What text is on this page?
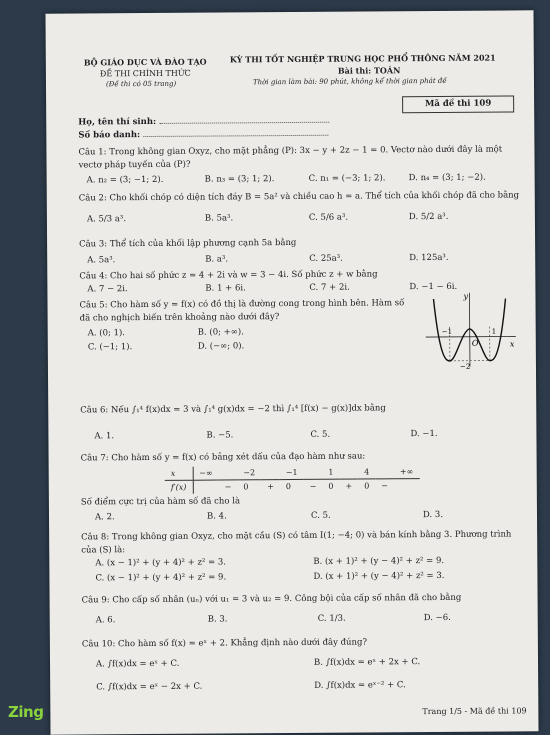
BỘ GIÁO DỤC VÀ ĐÀO TẠO
ĐỀ THI CHÍNH THỨC
(Đề thi có 05 trang)
KỲ THI TỐT NGHIỆP TRUNG HỌC PHỔ THÔNG NĂM 2021
Bài thi: TOÁN
Thời gian làm bài: 90 phút, không kể thời gian phát đề
Mã đề thi 109
Họ, tên thí sinh:
Số báo danh:
Câu 1: Trong không gian Oxyz, cho mặt phẳng (P): 3x − y + 2z − 1 = 0. Vectơ nào dưới đây là một
vectơ pháp tuyến của (P)?
A. n₂ = (3; −1; 2).	B. n₃ = (3; 1; 2).	C. n₁ = (−3; 1; 2).	D. n₄ = (3; 1; −2).
Câu 2: Cho khối chóp có diện tích đáy B = 5a² và chiều cao h = a. Thể tích của khối chóp đã cho bằng
A. 5/3 a³.	B. 5a³.	C. 5/6 a³.	D. 5/2 a³.
Câu 3: Thể tích của khối lập phương cạnh 5a bằng
A. 5a³.	B. a³.	C. 25a³.	D. 125a³.
Câu 4: Cho hai số phức z = 4 + 2i và w = 3 − 4i. Số phức z + w bằng
A. 7 − 2i.	B. 1 + 6i.	C. 7 + 2i.	D. −1 − 6i.
Câu 5: Cho hàm số y = f(x) có đồ thị là đường cong trong hình bên. Hàm số
đã cho nghịch biến trên khoảng nào dưới đây?
A. (0; 1).	B. (0; +∞).
C. (−1; 1).	D. (−∞; 0).
y
x
O
−1	1
−2
Câu 6: Nếu ∫₁⁴ f(x)dx = 3 và ∫₁⁴ g(x)dx = −2 thì ∫₁⁴ [f(x) − g(x)]dx bằng
A. 1.	B. −5.	C. 5.	D. −1.
Câu 7: Cho hàm số y = f(x) có bảng xét dấu của đạo hàm như sau:
x	−∞		−2		−1		1		4		+∞
f′(x)		−	0	+	0	−	0	+	0	−	
Số điểm cực trị của hàm số đã cho là
A. 2.	B. 4.	C. 5.	D. 3.
Câu 8: Trong không gian Oxyz, cho mặt cầu (S) có tâm I(1; −4; 0) và bán kính bằng 3. Phương trình
của (S) là:
A. (x − 1)² + (y + 4)² + z² = 3.	B. (x + 1)² + (y − 4)² + z² = 9.
C. (x − 1)² + (y + 4)² + z² = 9.	D. (x + 1)² + (y − 4)² + z² = 3.
Câu 9: Cho cấp số nhân (uₙ) với u₁ = 3 và u₂ = 9. Công bội của cấp số nhân đã cho bằng
A. 6.	B. 3.	C. 1/3.	D. −6.
Câu 10: Cho hàm số f(x) = eˣ + 2. Khẳng định nào dưới đây đúng?
A. ∫f(x)dx = eˣ + C.	B. ∫f(x)dx = eˣ + 2x + C.
C. ∫f(x)dx = eˣ − 2x + C.	D. ∫f(x)dx = eˣ⁻² + C.
Trang 1/5 - Mã đề thi 109
Zing
